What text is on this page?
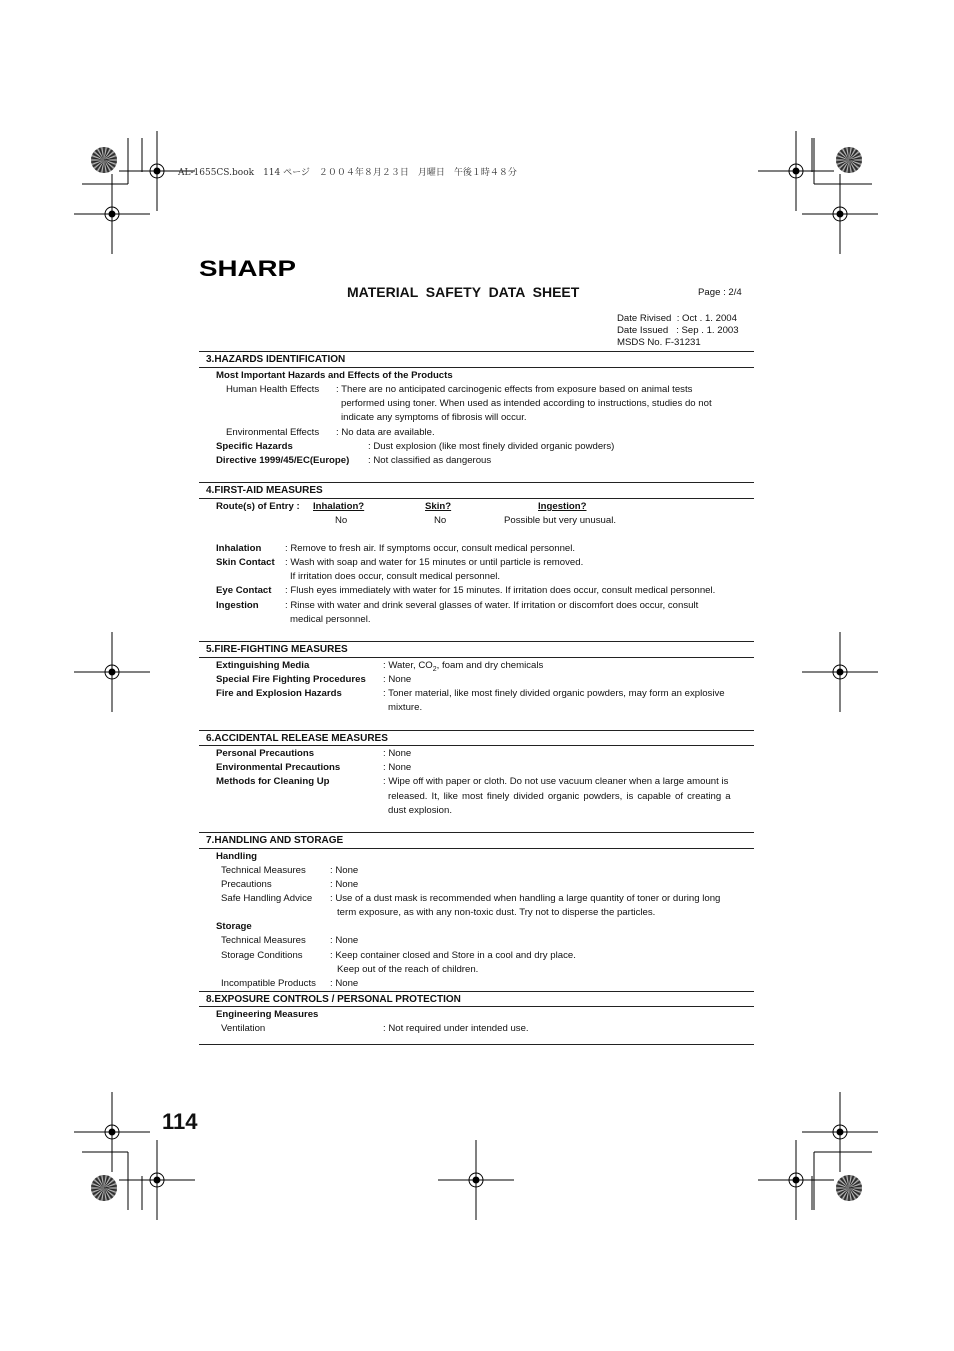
AL-1655CS.book　114 ページ　２００４年８月２３日　月曜日　午後１時４８分
SHARP
MATERIAL  SAFETY  DATA  SHEET	Page : 2/4
Date Rivised  : Oct . 1. 2004
Date Issued   : Sep . 1. 2003
MSDS No. F-31231
3.HAZARDS IDENTIFICATION
Most Important Hazards and Effects of the Products
Human Health Effects : There are no anticipated carcinogenic effects from exposure based on animal tests
performed using toner. When used as intended according to instructions, studies do not
indicate any symptoms of fibrosis will occur.
Environmental Effects : No data are available.
Specific Hazards	: Dust explosion (like most finely divided organic powders)
Directive 1999/45/EC(Europe) : Not classified as dangerous
4.FIRST-AID MEASURES
Route(s) of Entry : Inhalation?	Skin?	Ingestion?
No	No	Possible but very unusual.
Inhalation : Remove to fresh air. If symptoms occur, consult medical personnel.
Skin Contact : Wash with soap and water for 15 minutes or until particle is removed.
If irritation does occur, consult medical personnel.
Eye Contact : Flush eyes immediately with water for 15 minutes. If irritation does occur, consult medical personnel.
Ingestion	: Rinse with water and drink several glasses of water. If irritation or discomfort does occur, consult
medical personnel.
5.FIRE-FIGHTING MEASURES
Extinguishing Media	: Water, $CO_2$, foam and dry chemicals
Special Fire Fighting Procedures : None
Fire and Explosion Hazards	: Toner material, like most finely divided organic powders, may form an explosive
mixture.
6.ACCIDENTAL RELEASE MEASURES
Personal Precautions	: None
Environmental Precautions	: None
Methods for Cleaning Up	: Wipe off with paper or cloth. Do not use vacuum cleaner when a large amount is
released. It, like most finely divided organic powders, is capable of creating a
dust explosion.
7.HANDLING AND STORAGE
Handling
Technical Measures	: None
Precautions	: None
Safe Handling Advice : Use of a dust mask is recommended when handling a large quantity of toner or during long
term exposure, as with any non-toxic dust. Try not to disperse the particles.
Storage
Technical Measures	: None
Storage Conditions	: Keep container closed and Store in a cool and dry place.
Keep out of the reach of children.
Incompatible Products : None
8.EXPOSURE CONTROLS / PERSONAL PROTECTION
Engineering Measures
Ventilation	: Not required under intended use.
114
